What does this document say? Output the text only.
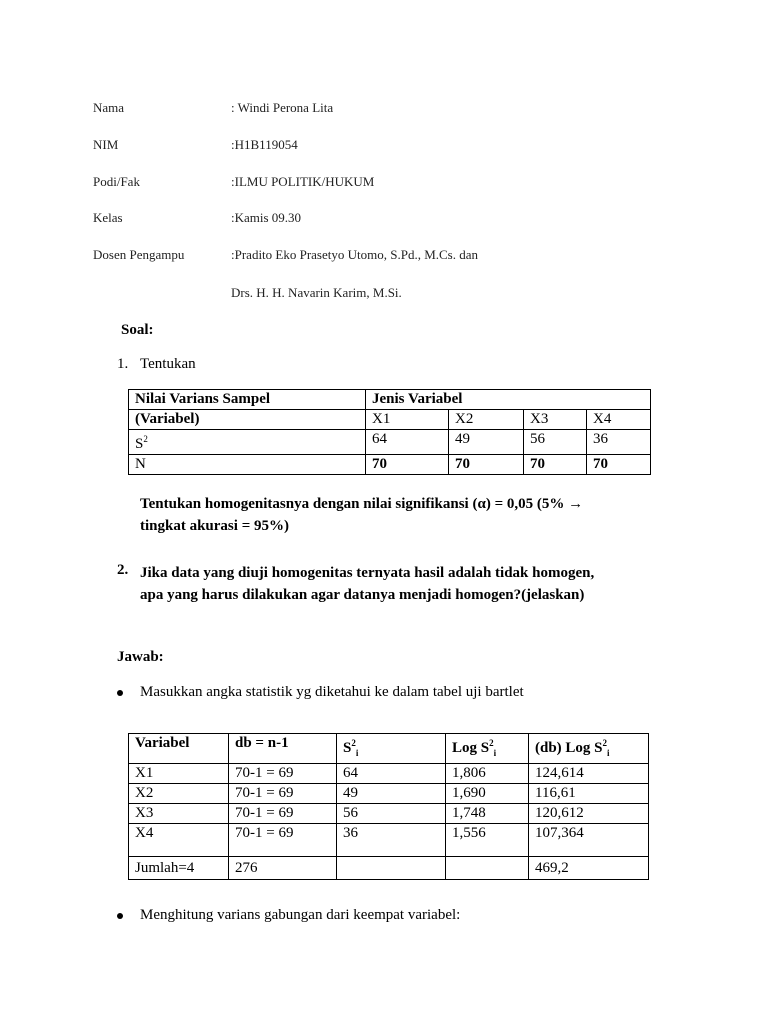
Nama	: Windi Perona Lita
NIM	:H1B119054
Podi/Fak	:ILMU POLITIK/HUKUM
Kelas	:Kamis 09.30
Dosen Pengampu	:Pradito Eko Prasetyo Utomo, S.Pd., M.Cs. dan
Drs. H. H. Navarin Karim, M.Si.
Soal:
1. Tentukan
Nilai Varians Sampel	Jenis Variabel			
(Variabel)	X1	X2	X3	X4
$S^2$	64	49	56	36
N	70	70	70	70
Tentukan homogenitasnya dengan nilai signifikansi (α) = 0,05 (5% →
tingkat akurasi = 95%)
2. Jika data yang diuji homogenitas ternyata hasil adalah tidak homogen,
apa yang harus dilakukan agar datanya menjadi homogen?(jelaskan)
Jawab:
Masukkan angka statistik yg diketahui ke dalam tabel uji bartlet
Variabel	db = n-1	$S^2_i$	Log $S^2_i$	(db) Log $S^2_i$
X1	70-1 = 69	64	1,806	124,614
X2	70-1 = 69	49	1,690	116,61
X3	70-1 = 69	56	1,748	120,612
X4	70-1 = 69	36	1,556	107,364
Jumlah=4	276			469,2
Menghitung varians gabungan dari keempat variabel:
